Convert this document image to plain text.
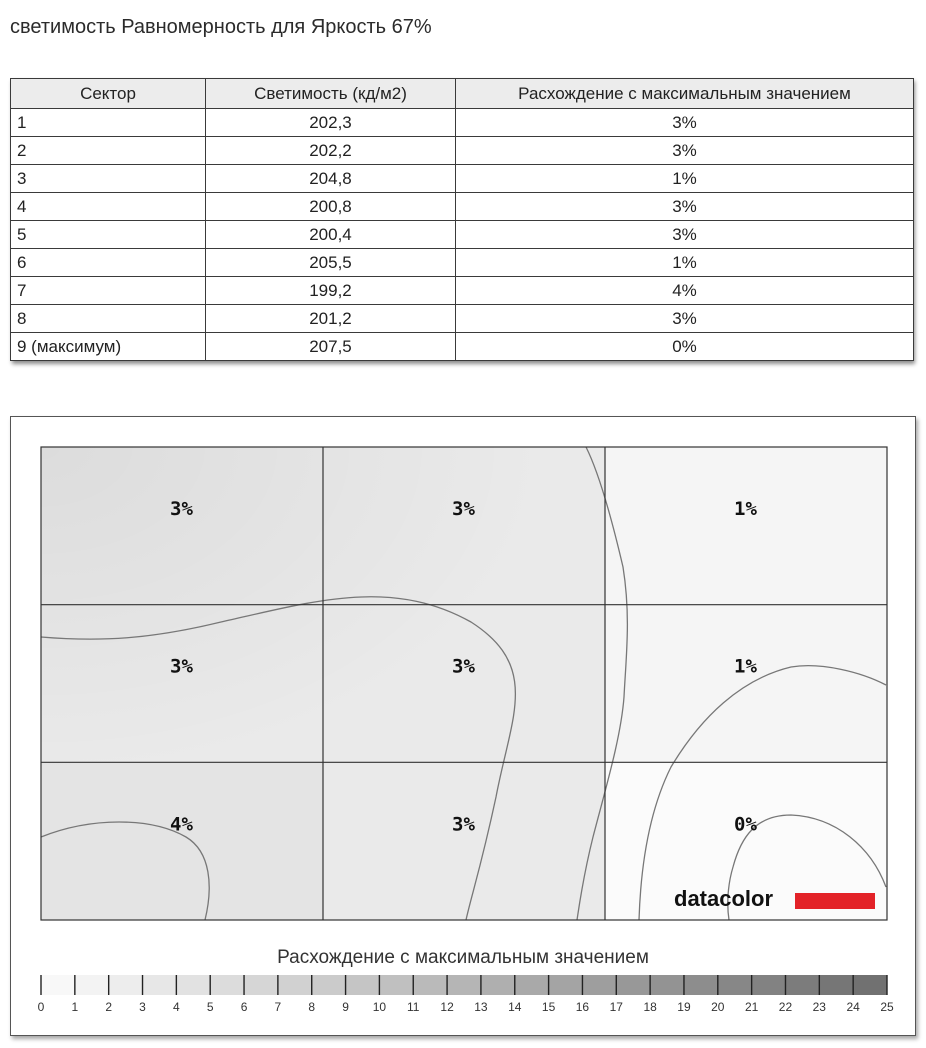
светимость Равномерность для Яркость 67%
Сектор	Светимость (кд/м2)	Расхождение с максимальным значением
1	202,3	3%
2	202,2	3%
3	204,8	1%
4	200,8	3%
5	200,4	3%
6	205,5	1%
7	199,2	4%
8	201,2	3%
9 (максимум)	207,5	0%
3%	3%	1%
3%	3%	1%
4%	3%	0%
datacolor
Расхождение с максимальным значением
0 1 2 3 4 5 6 7 8 9 10 11 12 13 14 15 16 17 18 19 20 21 22 23 24 25
